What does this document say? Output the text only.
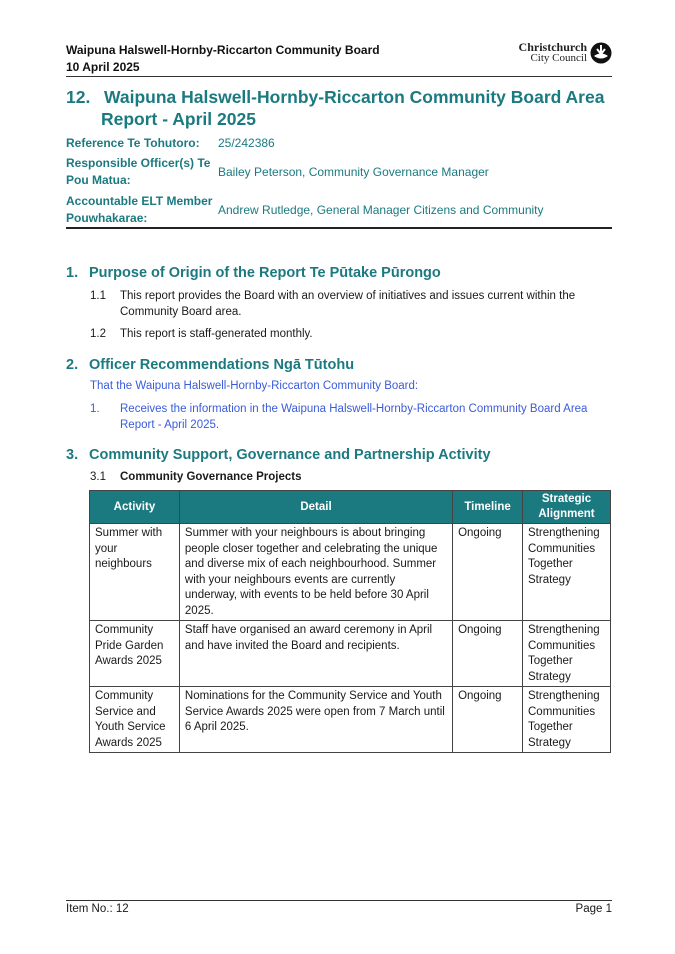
Waipuna Halswell-Hornby-Riccarton Community Board
10 April 2025
Christchurch
City Council
12. Waipuna Halswell-Hornby-Riccarton Community Board Area
Report - April 2025
Reference Te Tohutoro:	25/242386
Responsible Officer(s) Te Pou Matua:
Bailey Peterson, Community Governance Manager
Accountable ELT Member Pouwhakarae:
Andrew Rutledge, General Manager Citizens and Community
1. Purpose of Origin of the Report Te Pūtake Pūrongo
1.1	This report provides the Board with an overview of initiatives and issues current within the Community Board area.
1.2	This report is staff-generated monthly.
2. Officer Recommendations Ngā Tūtohu
That the Waipuna Halswell-Hornby-Riccarton Community Board:
1.	Receives the information in the Waipuna Halswell-Hornby-Riccarton Community Board Area Report - April 2025.
3. Community Support, Governance and Partnership Activity
3.1	Community Governance Projects
Activity	Detail	Timeline	Strategic Alignment
Summer with your neighbours	Summer with your neighbours is about bringing people closer together and celebrating the unique and diverse mix of each neighbourhood. Summer with your neighbours events are currently underway, with events to be held before 30 April 2025.	Ongoing	Strengthening Communities Together Strategy
Community Pride Garden Awards 2025	Staff have organised an award ceremony in April and have invited the Board and recipients.	Ongoing	Strengthening Communities Together Strategy
Community Service and Youth Service Awards 2025	Nominations for the Community Service and Youth Service Awards 2025 were open from 7 March until 6 April 2025.	Ongoing	Strengthening Communities Together Strategy
Item No.: 12	Page 1
